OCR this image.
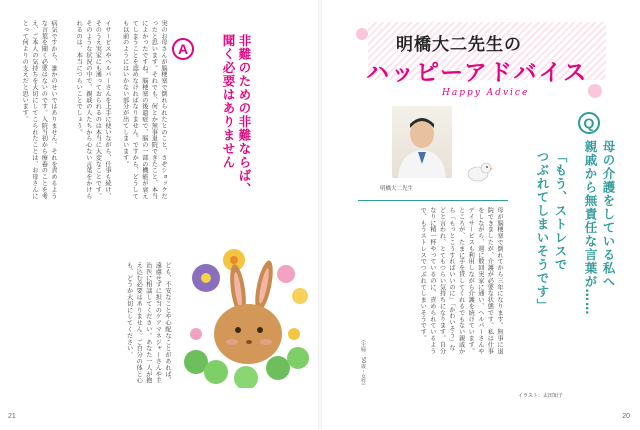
実のお母さんが脳梗塞で倒れられたとのこと、さぞショックだったと思います。それでも、何とか無事退院できたこと、本当によかったですね。脳梗塞の後遺症で、脳の一部の機能が衰えてしまうことを認めなければなりません。ですから、どうしても以前のようにはいかない部分が出てしまいます。
イサービスやヘルパーさんを上手に使いながら、仕事も続け、そのうえ実家にも通っておられるのは本当に大変なことです。そのような状況の中で、親戚の人たちから心ない言葉をかけられるのは、本当につらいことでしょう。
病気ですから、誰かのせいではありません。それを責めるような言葉を聞く必要はないのです。入院当初から療養のことを考え、ご本人の気持ちを大切にしてこられたことは、お母さんにとって何よりの支えだと思います。	A	非難のための非難ならば、
聞く必要はありません
ども、不安なことや心配なことがあれば、遠慮せずに担当のケアマネジャーさんや主治医に相談してください。あなた一人が抱え込む必要はありません。ご自分の体と心も、どうか大切にしてください。
21
明橋大二先生の
ハッピーアドバイス
Happy Advice
明橋大二先生
Q
母の介護をしている私へ
親戚から無責任な言葉が……
「もう、ストレスで
つぶれてしまいそうです」
母が脳梗塞で倒れてから三年になります。無事に退院できましたが、介護が必要な状態です。私は仕事をしながら、週に数回実家に通い、ヘルパーさんやデイサービスも利用しながら介護を続けています。ところが、たまに手を貸してくれるでもない親戚から「もっとこうすればいいのに」「かわいそう」などと言われ、とてもつらい気持ちになります。自分なりに精一杯やっているのに、責められているようで、もうストレスでつぶれてしまいそうです。
（主婦　50歳・女性）
イラスト：太田知子
20
